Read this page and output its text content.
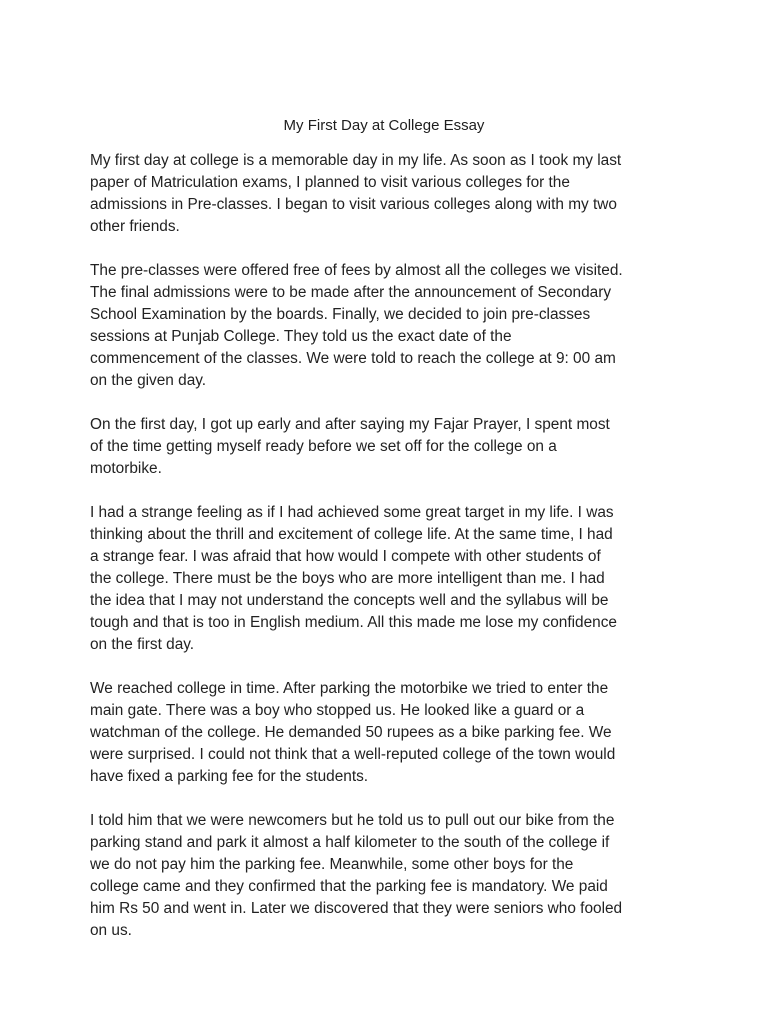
My First Day at College Essay

My first day at college is a memorable day in my life. As soon as I took my last
paper of Matriculation exams, I planned to visit various colleges for the
admissions in Pre-classes. I began to visit various colleges along with my two
other friends.

The pre-classes were offered free of fees by almost all the colleges we visited.
The final admissions were to be made after the announcement of Secondary
School Examination by the boards. Finally, we decided to join pre-classes
sessions at Punjab College. They told us the exact date of the
commencement of the classes. We were told to reach the college at 9: 00 am
on the given day.

On the first day, I got up early and after saying my Fajar Prayer, I spent most
of the time getting myself ready before we set off for the college on a
motorbike.

I had a strange feeling as if I had achieved some great target in my life. I was
thinking about the thrill and excitement of college life. At the same time, I had
a strange fear. I was afraid that how would I compete with other students of
the college. There must be the boys who are more intelligent than me. I had
the idea that I may not understand the concepts well and the syllabus will be
tough and that is too in English medium. All this made me lose my confidence
on the first day.

We reached college in time. After parking the motorbike we tried to enter the
main gate. There was a boy who stopped us. He looked like a guard or a
watchman of the college. He demanded 50 rupees as a bike parking fee. We
were surprised. I could not think that a well-reputed college of the town would
have fixed a parking fee for the students.

I told him that we were newcomers but he told us to pull out our bike from the
parking stand and park it almost a half kilometer to the south of the college if
we do not pay him the parking fee. Meanwhile, some other boys for the
college came and they confirmed that the parking fee is mandatory. We paid
him Rs 50 and went in. Later we discovered that they were seniors who fooled
on us.
